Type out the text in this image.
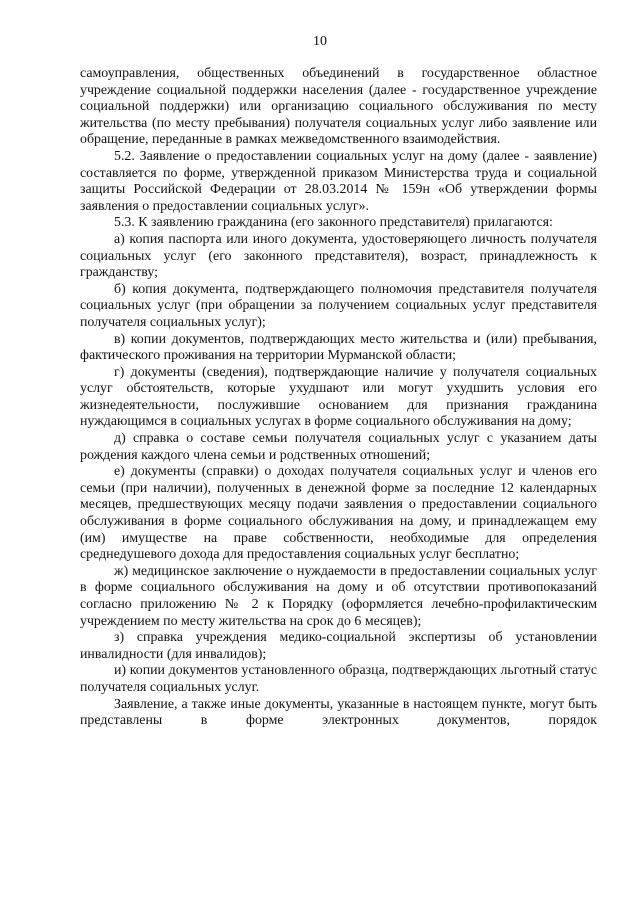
10

самоуправления, общественных объединений в государственное областное учреждение социальной поддержки населения (далее - государственное учреждение социальной поддержки) или организацию социального обслуживания по месту жительства (по месту пребывания) получателя социальных услуг либо заявление или обращение, переданные в рамках межведомственного взаимодействия.

5.2. Заявление о предоставлении социальных услуг на дому (далее - заявление) составляется по форме, утвержденной приказом Министерства труда и социальной защиты Российской Федерации от 28.03.2014 № 159н «Об утверждении формы заявления о предоставлении социальных услуг».

5.3. К заявлению гражданина (его законного представителя) прилагаются:

а) копия паспорта или иного документа, удостоверяющего личность получателя социальных услуг (его законного представителя), возраст, принадлежность к гражданству;

б) копия документа, подтверждающего полномочия представителя получателя социальных услуг (при обращении за получением социальных услуг представителя получателя социальных услуг);

в) копии документов, подтверждающих место жительства и (или) пребывания, фактического проживания на территории Мурманской области;

г) документы (сведения), подтверждающие наличие у получателя социальных услуг обстоятельств, которые ухудшают или могут ухудшить условия его жизнедеятельности, послужившие основанием для признания гражданина нуждающимся в социальных услугах в форме социального обслуживания на дому;

д) справка о составе семьи получателя социальных услуг с указанием даты рождения каждого члена семьи и родственных отношений;

е) документы (справки) о доходах получателя социальных услуг и членов его семьи (при наличии), полученных в денежной форме за последние 12 календарных месяцев, предшествующих месяцу подачи заявления о предоставлении социального обслуживания в форме социального обслуживания на дому, и принадлежащем ему (им) имуществе на праве собственности, необходимые для определения среднедушевого дохода для предоставления социальных услуг бесплатно;

ж) медицинское заключение о нуждаемости в предоставлении социальных услуг в форме социального обслуживания на дому и об отсутствии противопоказаний согласно приложению № 2 к Порядку (оформляется лечебно-профилактическим учреждением по месту жительства на срок до 6 месяцев);

з) справка учреждения медико-социальной экспертизы об установлении инвалидности (для инвалидов);

и) копии документов установленного образца, подтверждающих льготный статус получателя социальных услуг.

Заявление, а также иные документы, указанные в настоящем пункте, могут быть представлены в форме электронных документов, порядок
